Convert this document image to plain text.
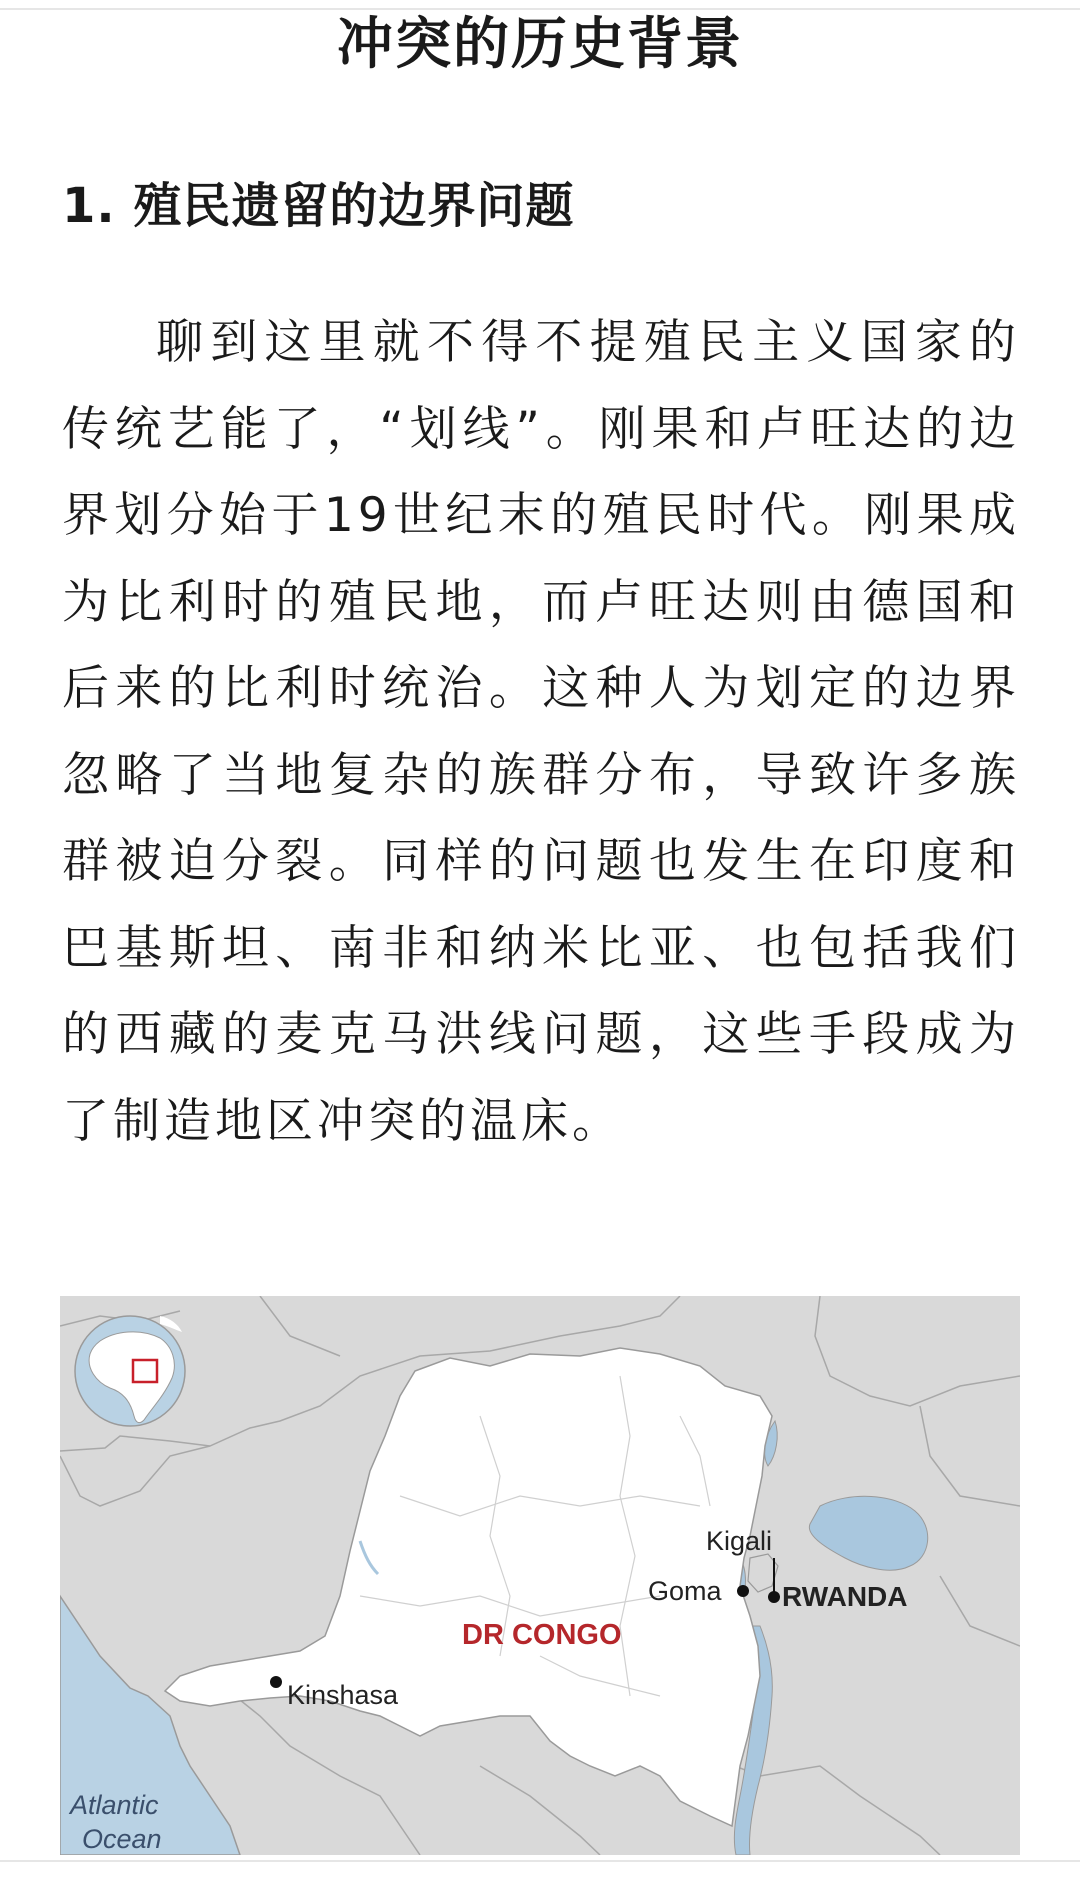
冲突的历史背景
1. 殖民遗留的边界问题

聊到这里就不得不提殖民主义国家的传统艺能了，“划线”。刚果和卢旺达的边界划分始于19世纪末的殖民时代。刚果成为比利时的殖民地，而卢旺达则由德国和后来的比利时统治。这种人为划定的边界忽略了当地复杂的族群分布，导致许多族群被迫分裂。同样的问题也发生在印度和巴基斯坦、南非和纳米比亚、也包括我们的西藏的麦克马洪线问题，这些手段成为了制造地区冲突的温床。

Kinshasa
Goma
Kigali
RWANDA
DR CONGO
Atlantic
Ocean
